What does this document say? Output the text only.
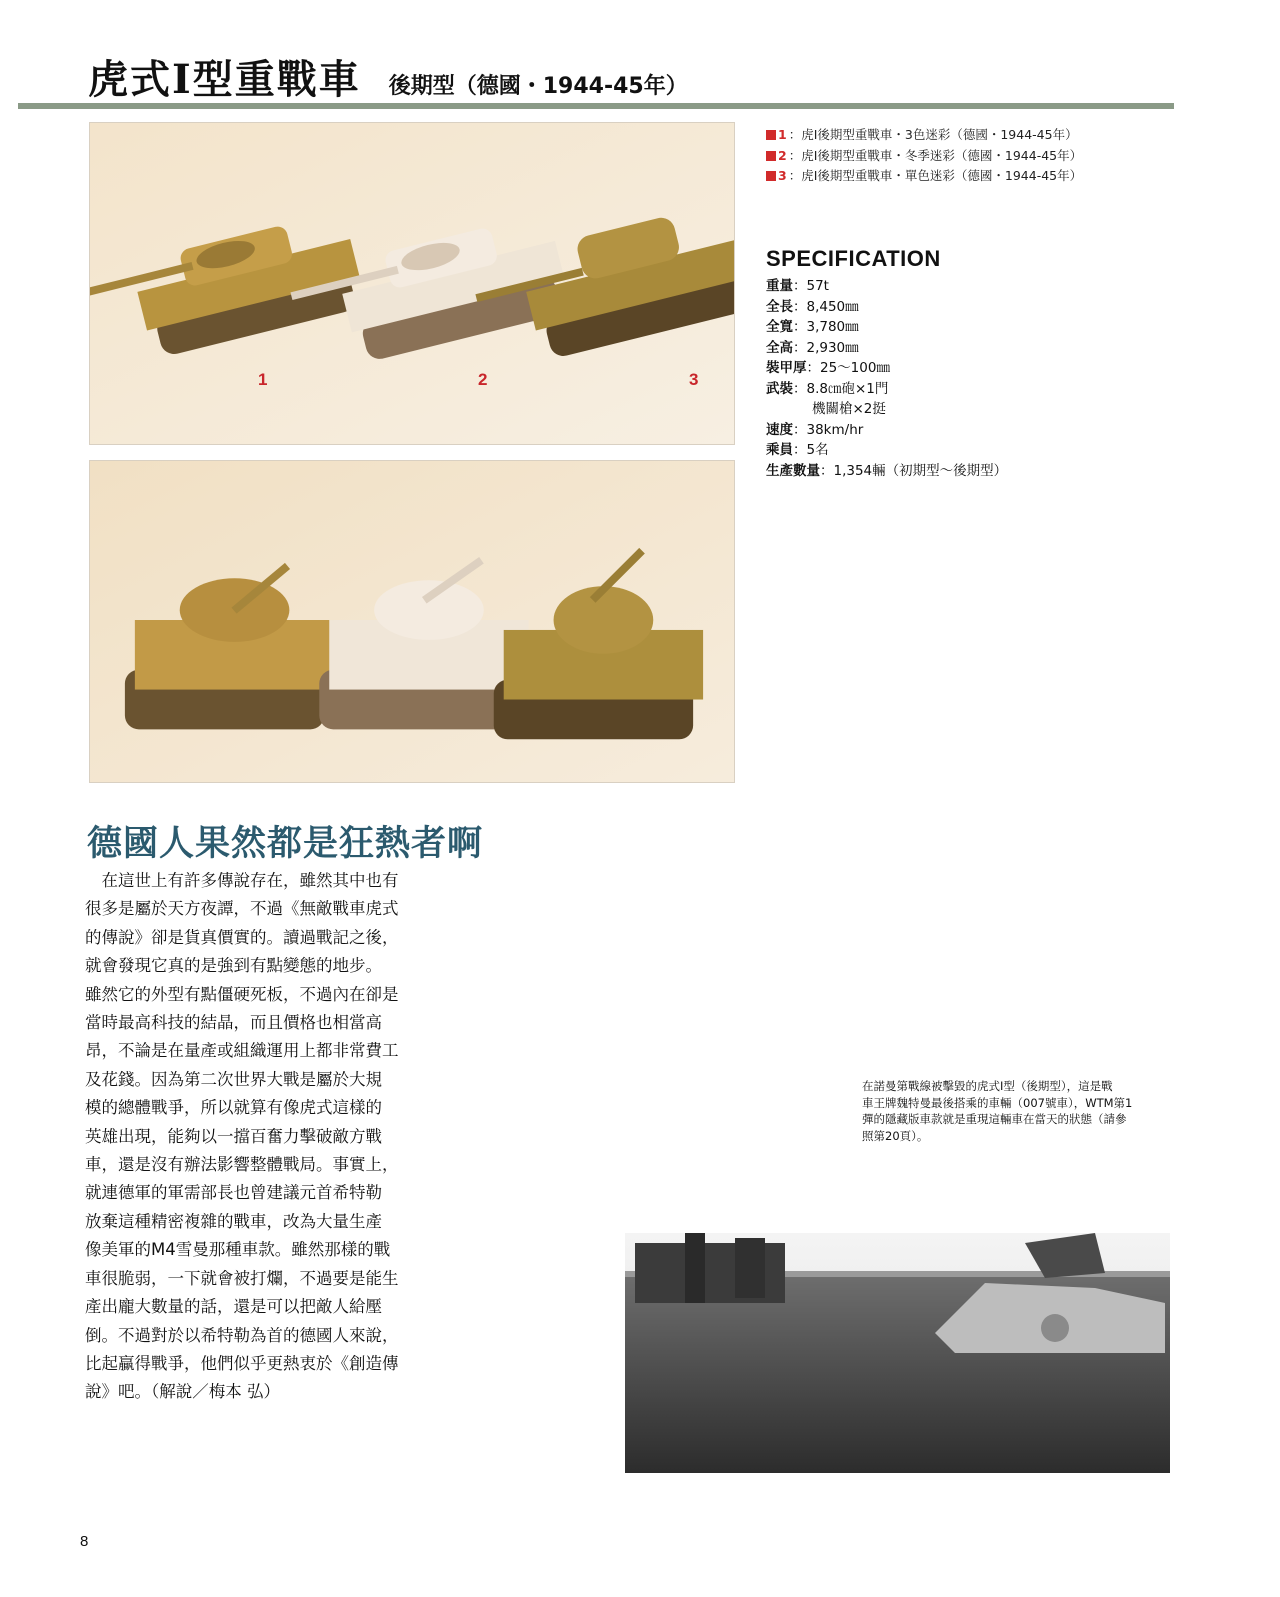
虎式Ⅰ型重戰車 後期型（德國・1944-45年）
1	2	3
1 ：虎Ⅰ後期型重戰車・3色迷彩（德國・1944-45年）
2 ：虎Ⅰ後期型重戰車・冬季迷彩（德國・1944-45年）
3 ：虎Ⅰ後期型重戰車・單色迷彩（德國・1944-45年）
SPECIFICATION
重量：57t
全長：8,450㎜
全寬：3,780㎜
全高：2,930㎜
裝甲厚：25～100㎜
武裝：8.8㎝砲×1門
機關槍×2挺
速度：38km/hr
乘員：5名
生產數量：1,354輛（初期型～後期型）
德國人果然都是狂熱者啊

　在這世上有許多傳說存在，雖然其中也有

很多是屬於天方夜譚，不過《無敵戰車虎式

的傳說》卻是貨真價實的。讀過戰記之後，

就會發現它真的是強到有點變態的地步。

雖然它的外型有點僵硬死板，不過內在卻是

當時最高科技的結晶，而且價格也相當高

昂，不論是在量產或組織運用上都非常費工

及花錢。因為第二次世界大戰是屬於大規

模的總體戰爭，所以就算有像虎式這樣的

英雄出現，能夠以一擋百奮力擊破敵方戰

車，還是沒有辦法影響整體戰局。事實上，

就連德軍的軍需部長也曾建議元首希特勒

放棄這種精密複雜的戰車，改為大量生產

像美軍的M4雪曼那種車款。雖然那樣的戰

車很脆弱，一下就會被打爛，不過要是能生

產出龐大數量的話，還是可以把敵人給壓

倒。不過對於以希特勒為首的德國人來說，

比起贏得戰爭，他們似乎更熱衷於《創造傳

說》吧。（解說／梅本 弘）

在諾曼第戰線被擊毀的虎式Ⅰ型（後期型），這是戰

車王牌魏特曼最後搭乘的車輛（007號車），WTM第1

彈的隱藏版車款就是重現這輛車在當天的狀態（請參

照第20頁）。

8
